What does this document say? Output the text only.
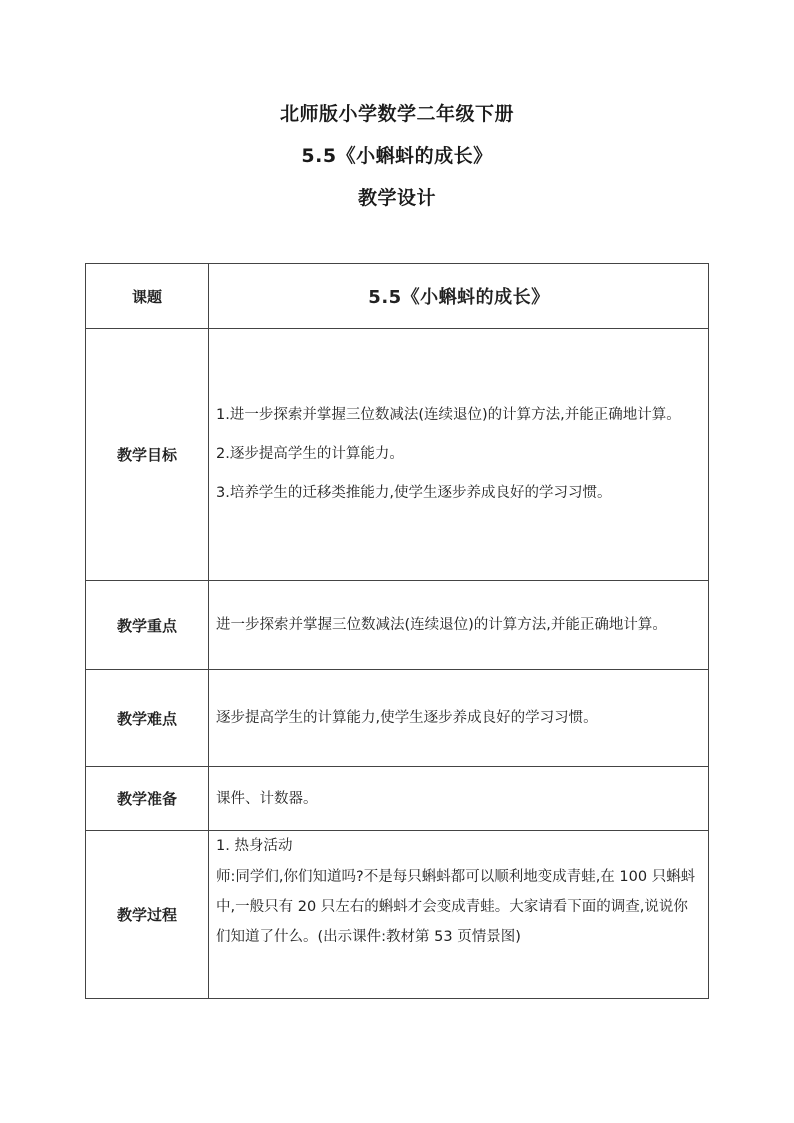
北师版小学数学二年级下册
5.5《小蝌蚪的成长》
教学设计
课题	5.5《小蝌蚪的成长》

教学目标	1.进一步探索并掌握三位数减法(连续退位)的计算方法,并能正确地计算。

2.逐步提高学生的计算能力。

3.培养学生的迁移类推能力,使学生逐步养成良好的学习习惯。

教学重点	进一步探索并掌握三位数减法(连续退位)的计算方法,并能正确地计算。

教学难点	逐步提高学生的计算能力,使学生逐步养成良好的学习习惯。

教学准备	课件、计数器。

教学过程	1. 热身活动

师:同学们,你们知道吗?不是每只蝌蚪都可以顺利地变成青蛙,在 100 只蝌蚪中,一般只有 20 只左右的蝌蚪才会变成青蛙。大家请看下面的调查,说说你们知道了什么。(出示课件:教材第 53 页情景图)
